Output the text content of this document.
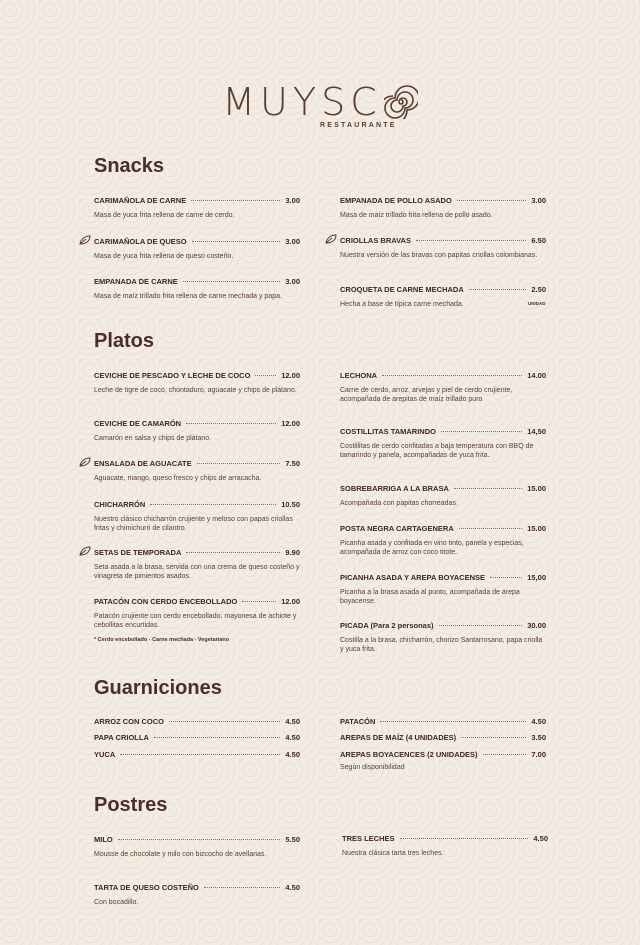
MUYSC
RESTAURANTE
Snacks
CARIMAÑOLA DE CARNE	3.00
Masa de yuca frita rellena de carne de cerdo.
CARIMAÑOLA DE QUESO	3.00
Masa de yuca frita rellena de queso costeño.
EMPANADA DE CARNE	3.00
Masa de maíz trillado frita rellena de carne mechada y papa.
EMPANADA DE POLLO ASADO	3.00
Masa de maíz trillado frita rellena de pollo asado.
CRIOLLAS BRAVAS	6.50
Nuestra versión de las bravas con papitas criollas colombianas.
CROQUETA DE CARNE MECHADA	2.50
Hecha a base de típica carne mechada.	UNIDAD
Platos
CEVICHE DE PESCADO Y LECHE DE COCO	12.00
Leche de tigre de coco, chontaduro, aguacate y chips de plátano.
CEVICHE DE CAMARÓN	12.00
Camarón en salsa y chips de plátano.
ENSALADA DE AGUACATE	7.50
Aguacate, mango, queso fresco y chips de arracacha.
CHICHARRÓN	10.50
Nuestro clásico chicharrón crujiente y meloso con papas criollas fritas y chimichurri de cilantro.
SETAS DE TEMPORADA	9.90
Seta asada a la brasa, servida con una crema de queso costeño y vinagreta de pimientos asados.
PATACÓN CON CERDO ENCEBOLLADO	12.00
Patacón crujiente con cerdo encebollado, mayonesa de achiote y cebollitas encurtidas.
* Cerdo encebollado - Carne mechada - Vegetariano
LECHONA	14.00
Carne de cerdo, arroz, arvejas y piel de cerdo crujiente, acompañada de arepitas de maíz trillado puro
COSTILLITAS TAMARINDO	14,50
Costillitas de cerdo confitadas a baja temperatura con BBQ de tamarindo y panela, acompañadas de yuca frita.
SOBREBARRIGA A LA BRASA	15.00
Acompañada con papitas chorreadas.
POSTA NEGRA CARTAGENERA	15.00
Picanha asada y confitada en vino tinto, panela y especias, acompañada de arroz con coco titote.
PICANHA ASADA Y AREPA BOYACENSE	15,00
Picanha a la brasa asada al punto, acompañada de arepa boyacense.
PICADA (Para 2 personas)	30.00
Costilla a la brasa, chicharrón, chorizo Santarrosano, papa criolla y yuca frita.
Guarniciones
ARROZ CON COCO	4.50
PAPA CRIOLLA	4.50
YUCA	4.50
PATACÓN	4.50
AREPAS DE MAÍZ (4 UNIDADES)	3.50
AREPAS BOYACENCES (2 UNIDADES)	7.00
Según disponibilidad
Postres
MILO	5.50
Mousse de chocolate y milo con bizcocho de avellanas.
TARTA DE QUESO COSTEÑO	4.50
Con bocadillo.
TRES LECHES	4.50
Nuestra clásica tarta tres leches.
